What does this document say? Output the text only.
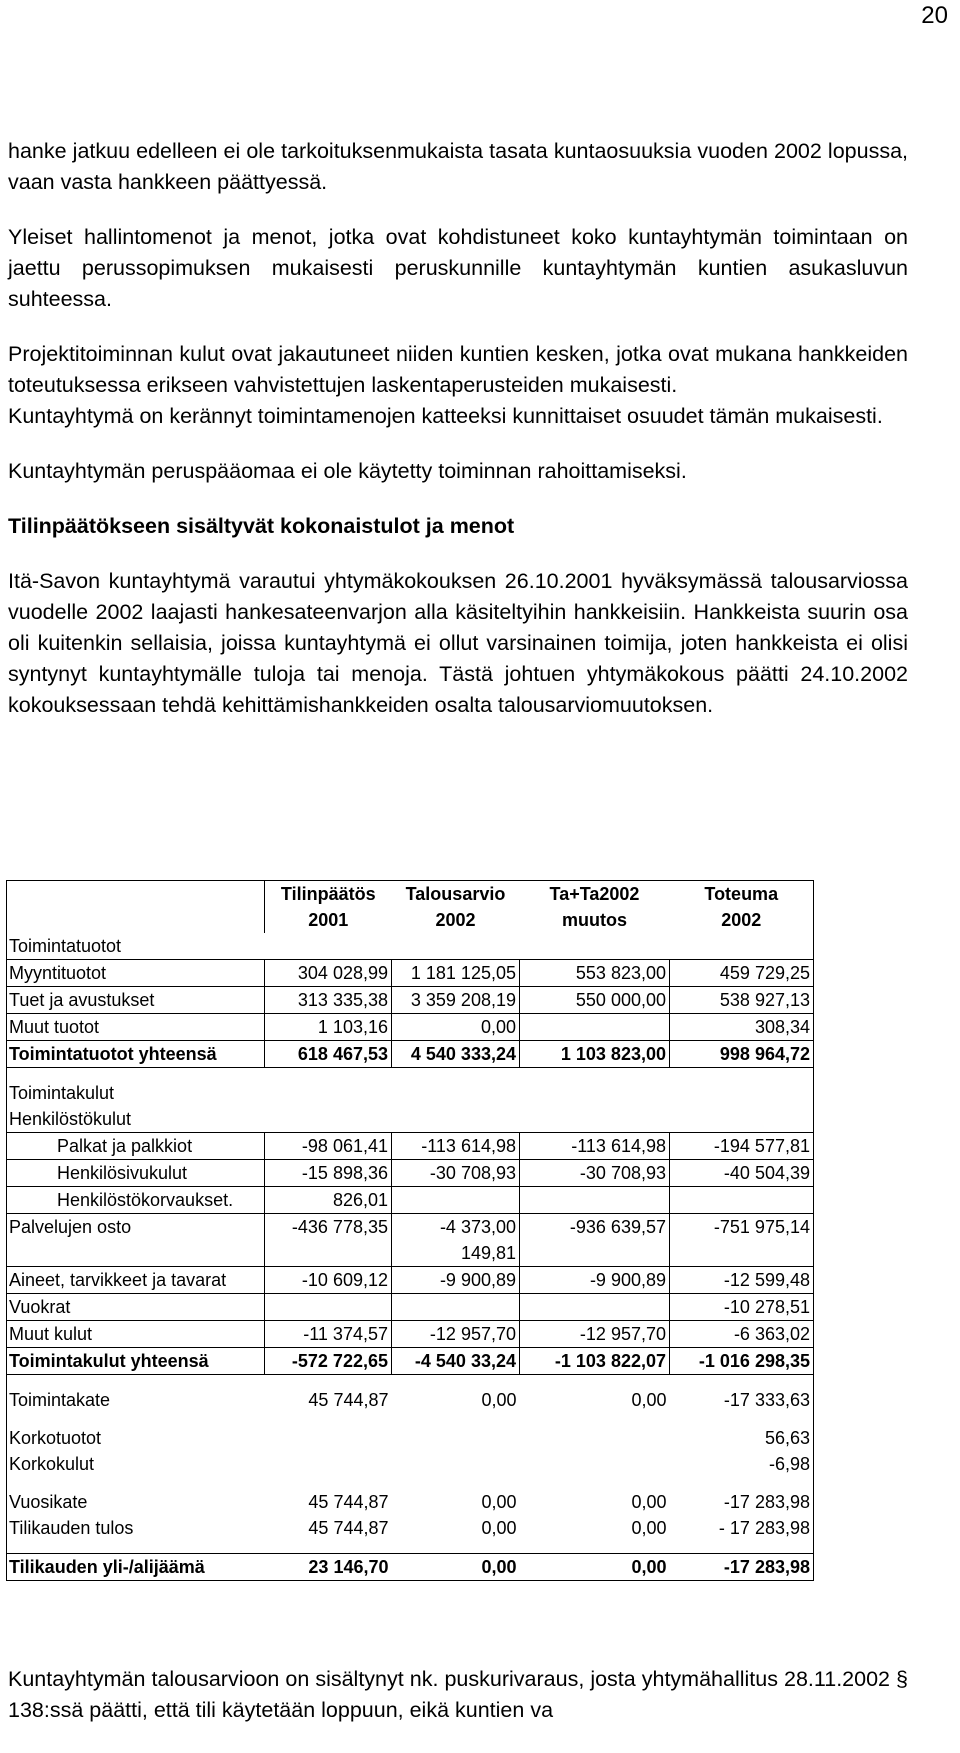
20

hanke jatkuu edelleen ei ole tarkoituksenmukaista tasata kuntaosuuksia vuoden 2002 lopussa, vaan vasta hankkeen päättyessä.

Yleiset hallintomenot ja menot, jotka ovat kohdistuneet koko kuntayhtymän toimintaan on jaettu perussopimuksen mukaisesti peruskunnille kuntayhtymän kuntien asukasluvun suhteessa.

Projektitoiminnan kulut ovat jakautuneet niiden kuntien kesken, jotka ovat mukana hankkeiden toteutuksessa erikseen vahvistettujen laskentaperusteiden mukaisesti.

Kuntayhtymä on kerännyt toimintamenojen katteeksi kunnittaiset osuudet tämän mukaisesti.

Kuntayhtymän peruspääomaa ei ole käytetty toiminnan rahoittamiseksi.

Tilinpäätökseen sisältyvät kokonaistulot ja menot

Itä-Savon kuntayhtymä varautui yhtymäkokouksen 26.10.2001 hyväksymässä talousarviossa vuodelle 2002 laajasti hankesateenvarjon alla käsiteltyihin hankkeisiin. Hankkeista suurin osa oli kuitenkin sellaisia, joissa kuntayhtymä ei ollut varsinainen toimija, joten hankkeista ei olisi syntynyt kuntayhtymälle tuloja tai menoja. Tästä johtuen yhtymäkokous päätti 24.10.2002 kokouksessaan tehdä kehittämishankkeiden osalta talousarviomuutoksen.

	Tilinpäätös	Talousarvio	Ta+Ta2002	Toteuma
	2001	2002	muutos	2002
Toimintatuotot				
Myyntituotot	304 028,99	1 181 125,05	553 823,00	459 729,25
Tuet ja avustukset	313 335,38	3 359 208,19	550 000,00	538 927,13
Muut tuotot	1 103,16	0,00		308,34
Toimintatuotot yhteensä	618 467,53	4 540 333,24	1 103 823,00	998 964,72

Toimintakulut				
Henkilöstökulut				
Palkat ja palkkiot	-98 061,41	-113 614,98	-113 614,98	-194 577,81
Henkilösivukulut	-15 898,36	-30 708,93	-30 708,93	-40 504,39
Henkilöstökorvaukset.	826,01			
Palvelujen osto	-436 778,35	-4 373,00	-936 639,57	-751 975,14
		149,81		
Aineet, tarvikkeet ja tavarat	-10 609,12	-9 900,89	-9 900,89	-12 599,48
Vuokrat				-10 278,51
Muut kulut	-11 374,57	-12 957,70	-12 957,70	-6 363,02
Toimintakulut yhteensä	-572 722,65	-4 540 33,24	-1 103 822,07	-1 016 298,35

Toimintakate	45 744,87	0,00	0,00	-17 333,63

Korkotuotot				56,63
Korkokulut				-6,98

Vuosikate	45 744,87	0,00	0,00	-17 283,98
Tilikauden tulos	45 744,87	0,00	0,00	- 17 283,98

Tilikauden yli-/alijäämä	23 146,70	0,00	0,00	-17 283,98
Kuntayhtymän talousarvioon on sisältynyt nk. puskurivaraus, josta yhtymähallitus 28.11.2002 § 138:ssä päätti, että tili käytetään loppuun, eikä kuntien va
